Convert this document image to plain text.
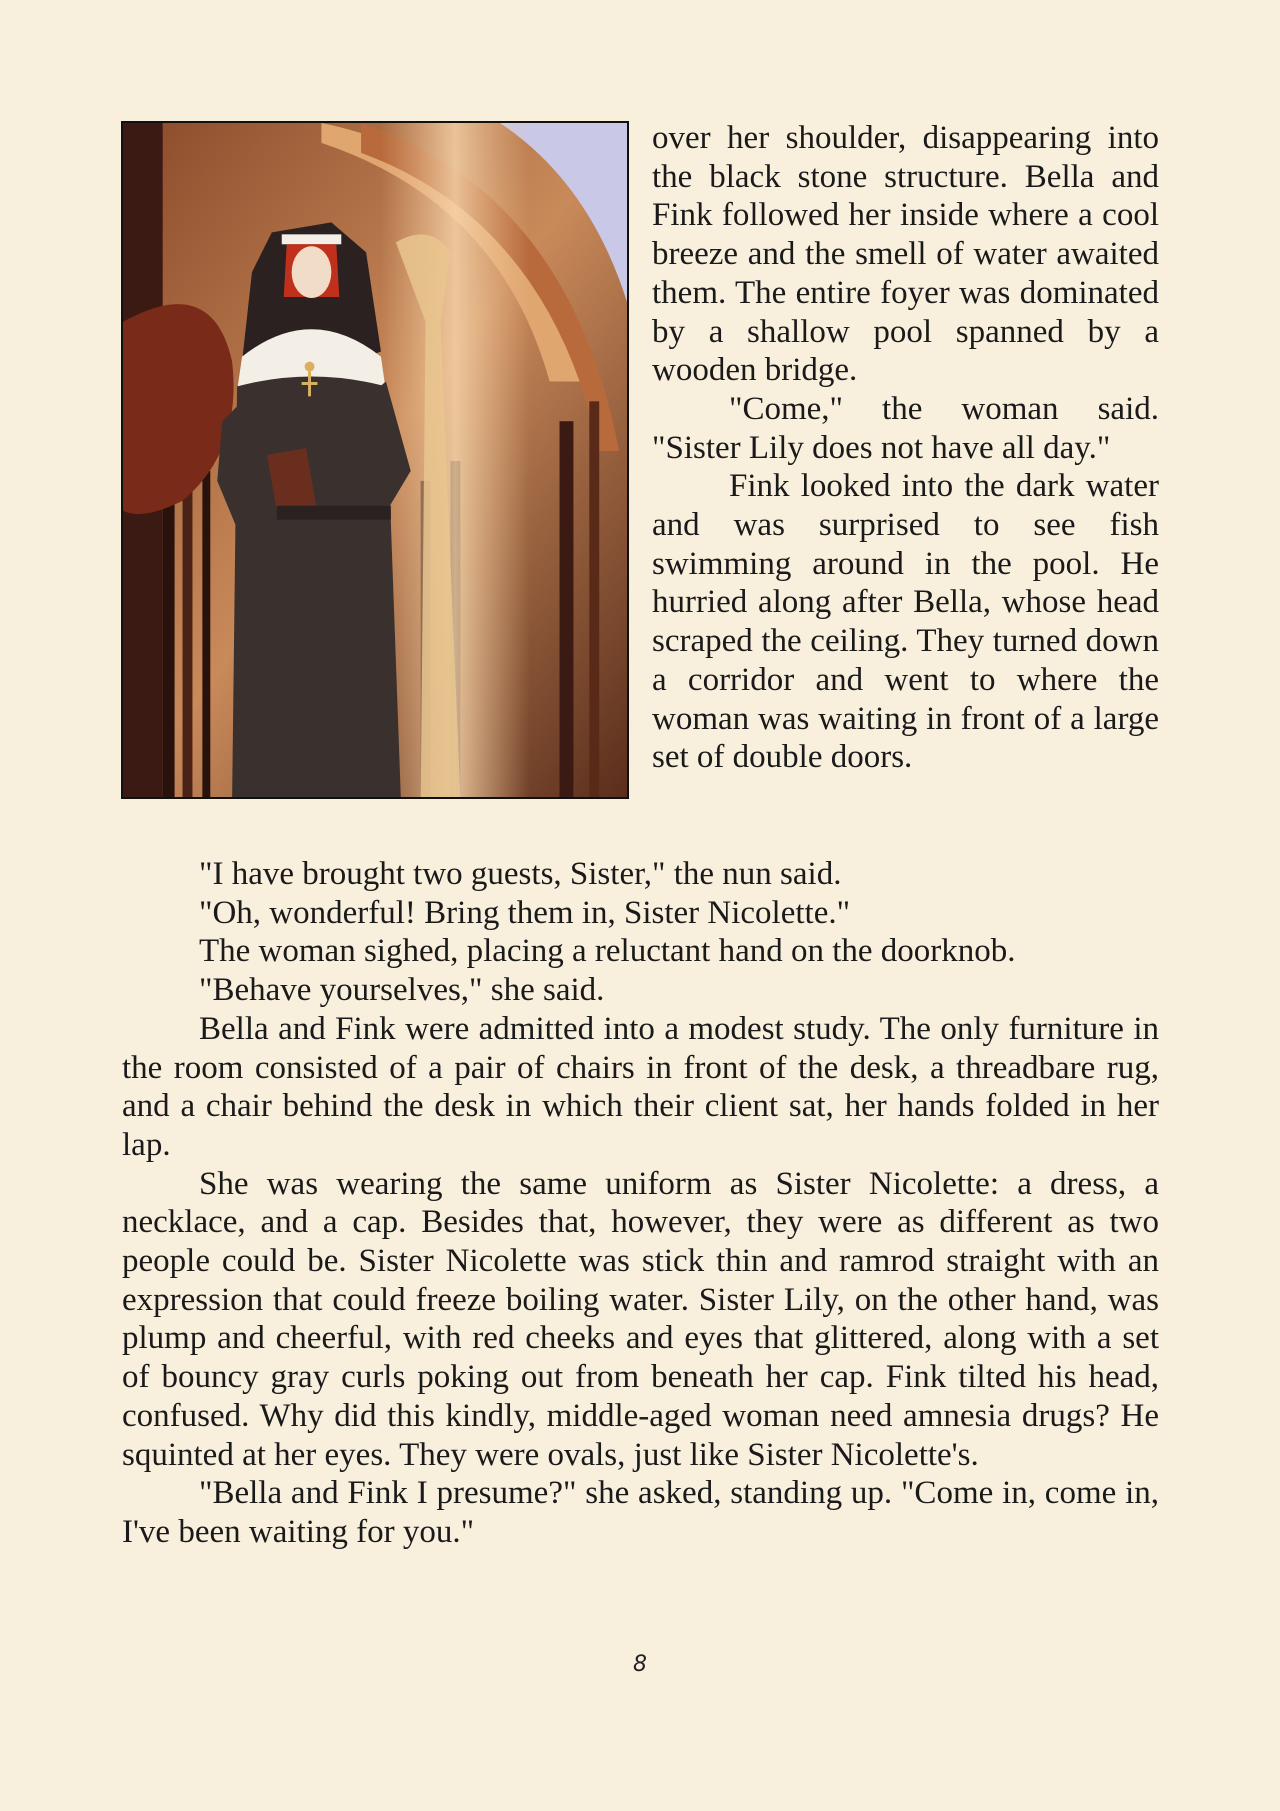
over her shoulder, disappearing into the black stone structure. Bella and Fink followed her inside where a cool breeze and the smell of water awaited them. The entire foyer was dominated by a shallow pool spanned by a wooden bridge.

"Come," the woman said. "Sister Lily does not have all day."

Fink looked into the dark water and was surprised to see fish swimming around in the pool. He hurried along after Bella, whose head scraped the ceiling. They turned down a corridor and went to where the woman was waiting in front of a large set of double doors.

"I have brought two guests, Sister," the nun said.

"Oh, wonderful! Bring them in, Sister Nicolette."

The woman sighed, placing a reluctant hand on the doorknob.

"Behave yourselves," she said.

Bella and Fink were admitted into a modest study. The only furniture in the room consisted of a pair of chairs in front of the desk, a threadbare rug, and a chair behind the desk in which their client sat, her hands folded in her lap.

She was wearing the same uniform as Sister Nicolette: a dress, a necklace, and a cap. Besides that, however, they were as different as two people could be. Sister Nicolette was stick thin and ramrod straight with an expression that could freeze boiling water. Sister Lily, on the other hand, was plump and cheerful, with red cheeks and eyes that glittered, along with a set of bouncy gray curls poking out from beneath her cap. Fink tilted his head, confused. Why did this kindly, middle-aged woman need amnesia drugs? He squinted at her eyes. They were ovals, just like Sister Nicolette's.

"Bella and Fink I presume?" she asked, standing up. "Come in, come in, I've been waiting for you."

8
